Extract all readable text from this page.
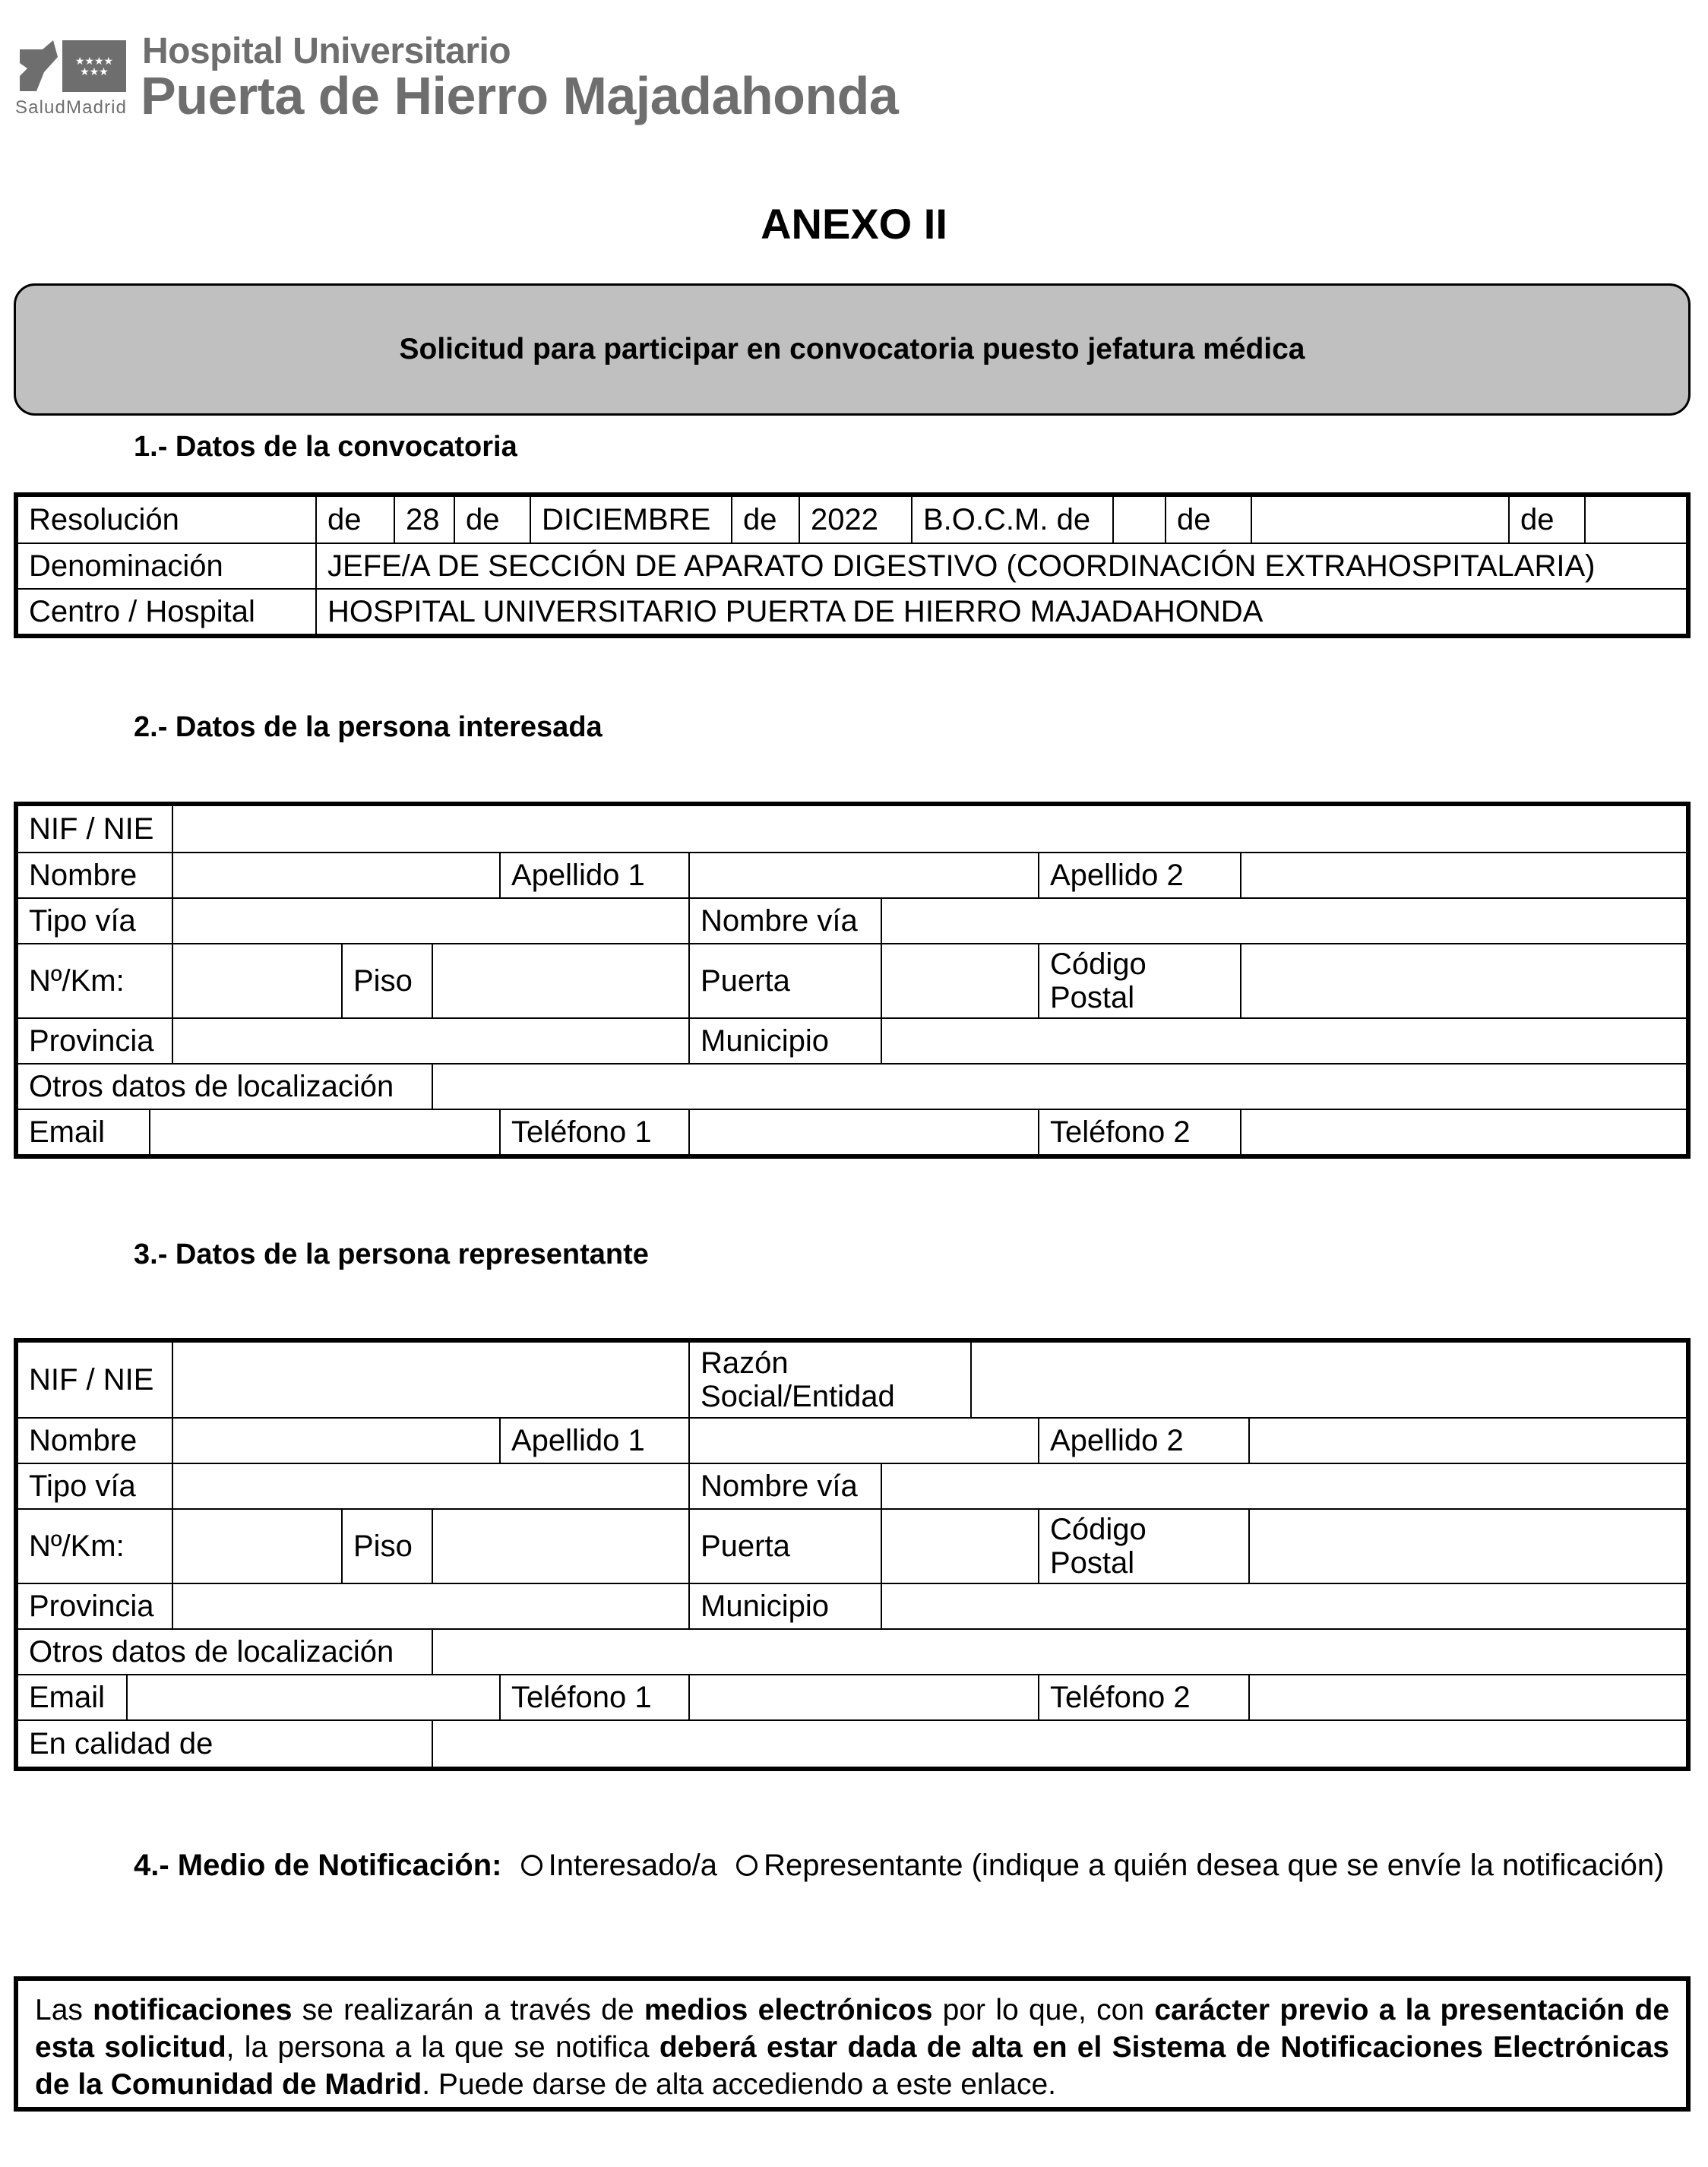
★★★★
★★★
SaludMadrid
Hospital Universitario
Puerta de Hierro Majadahonda
ANEXO II
Solicitud para participar en convocatoria puesto jefatura médica
1.- Datos de la convocatoria
Resolución	de	28 de	DICIEMBRE	de	2022	B.O.C.M. de	de	de
Denominación	JEFE/A DE SECCIÓN DE APARATO DIGESTIVO (COORDINACIÓN EXTRAHOSPITALARIA)
Centro / Hospital	HOSPITAL UNIVERSITARIO PUERTA DE HIERRO MAJADAHONDA
2.- Datos de la persona interesada
NIF / NIE
Nombre	Apellido 1	Apellido 2
Tipo vía	Nombre vía
Nº/Km:	Piso	Puerta	Código Postal
Provincia	Municipio
Otros datos de localización
Email	Teléfono 1	Teléfono 2
3.- Datos de la persona representante
NIF / NIE	Razón Social/Entidad
Nombre	Apellido 1	Apellido 2
Tipo vía	Nombre vía
Nº/Km:	Piso	Puerta	Código Postal
Provincia	Municipio
Otros datos de localización
Email	Teléfono 1	Teléfono 2
En calidad de
4.- Medio de Notificación: Interesado/a Representante (indique a quién desea que se envíe la notificación)
Las notificaciones se realizarán a través de medios electrónicos por lo que, con carácter previo a la presentación de esta solicitud, la persona a la que se notifica deberá estar dada de alta en el Sistema de Notificaciones Electrónicas de la Comunidad de Madrid. Puede darse de alta accediendo a este enlace.
